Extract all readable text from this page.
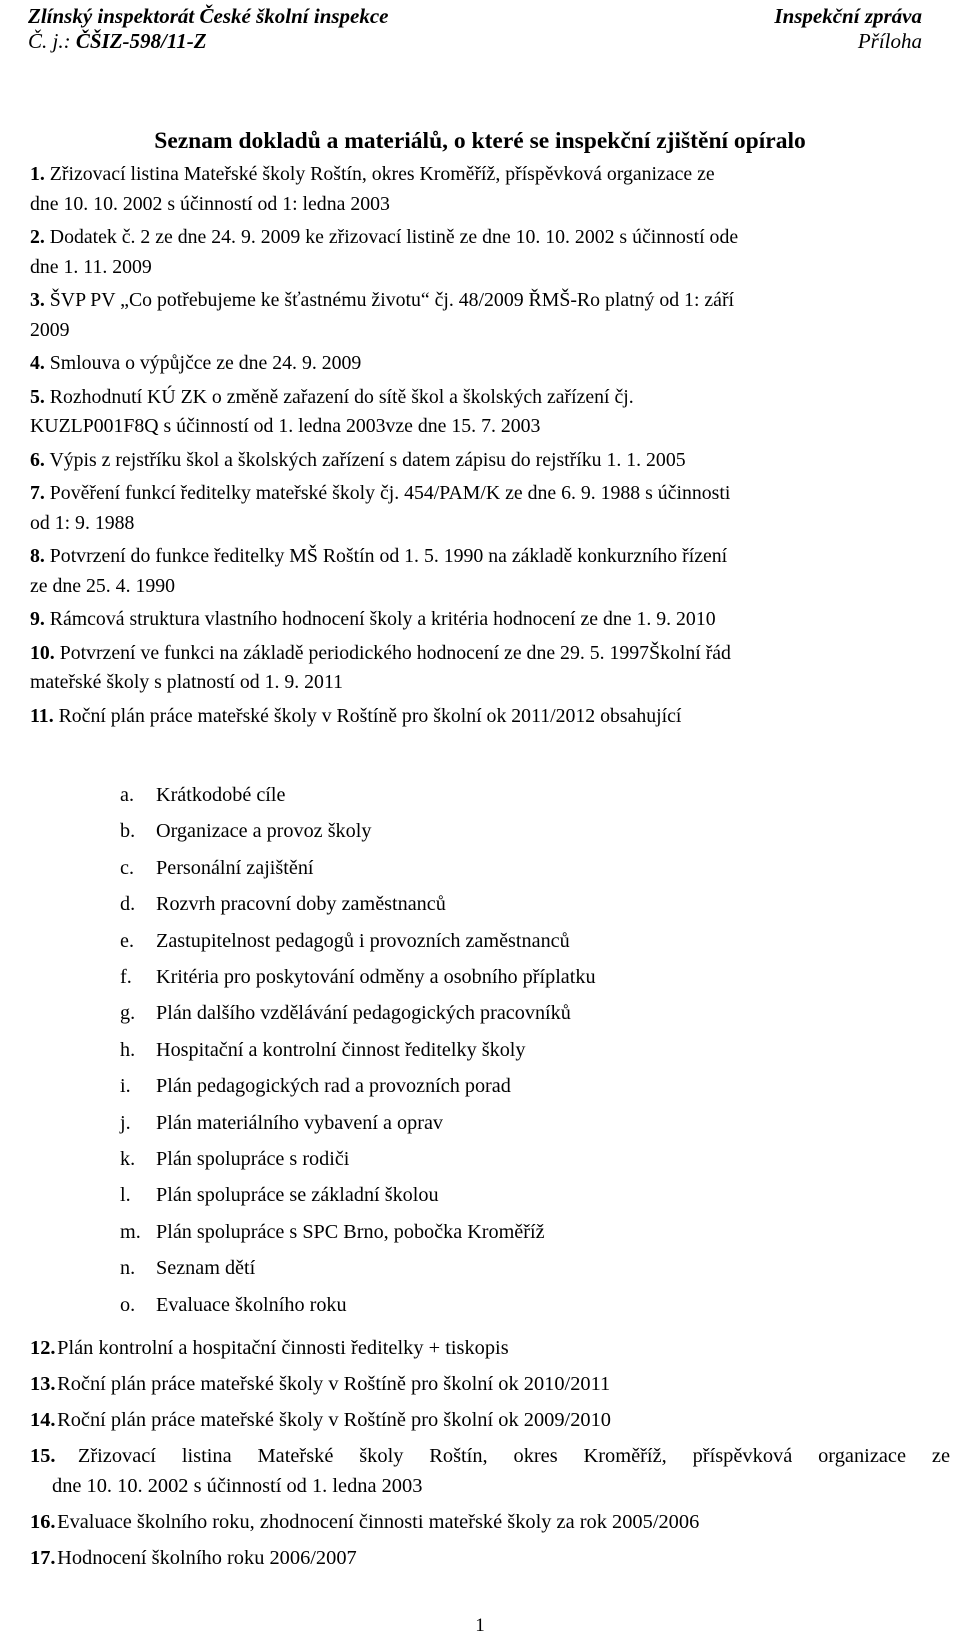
Zlínský inspektorát České školní inspekce	Inspekční zpráva
Č. j.: ČŠIZ-598/11-Z	Příloha
Seznam dokladů a materiálů, o které se inspekční zjištění opíralo
1. Zřizovací listina Mateřské školy Roštín, okres Kroměříž, příspěvková organizace ze
dne 10. 10. 2002 s účinností od 1: ledna 2003
2. Dodatek č. 2 ze dne 24. 9. 2009 ke zřizovací listině ze dne 10. 10. 2002 s účinností ode
dne 1. 11. 2009
3. ŠVP PV „Co potřebujeme ke šťastnému životu“ čj. 48/2009 ŘMŠ-Ro platný od 1: září
2009
4. Smlouva o výpůjčce ze dne 24. 9. 2009
5. Rozhodnutí KÚ ZK o změně zařazení do sítě škol a školských zařízení čj.
KUZLP001F8Q s účinností od 1. ledna 2003vze dne 15. 7. 2003
6. Výpis z rejstříku škol a školských zařízení s datem zápisu do rejstříku 1. 1. 2005
7. Pověření funkcí ředitelky mateřské školy čj. 454/PAM/K ze dne 6. 9. 1988 s účinnosti
od 1: 9. 1988
8. Potvrzení do funkce ředitelky MŠ Roštín od 1. 5. 1990 na základě konkurzního řízení
ze dne 25. 4. 1990
9. Rámcová struktura vlastního hodnocení školy a kritéria hodnocení ze dne 1. 9. 2010
10. Potvrzení ve funkci na základě periodického hodnocení ze dne 29. 5. 1997Školní řád
mateřské školy s platností od 1. 9. 2011
11. Roční plán práce mateřské školy v Roštíně pro školní ok 2011/2012 obsahující
a.	Krátkodobé cíle
b.	Organizace a provoz školy
c.	Personální zajištění
d.	Rozvrh pracovní doby zaměstnanců
e.	Zastupitelnost pedagogů i provozních zaměstnanců
f.	Kritéria pro poskytování odměny a osobního příplatku
g.	Plán dalšího vzdělávání pedagogických pracovníků
h.	Hospitační a kontrolní činnost ředitelky školy
i.	Plán pedagogických rad a provozních porad
j.	Plán materiálního vybavení a oprav
k.	Plán spolupráce s rodiči
l.	Plán spolupráce se základní školou
m. Plán spolupráce s SPC Brno, pobočka Kroměříž
n.	Seznam dětí
o.	Evaluace školního roku
12. Plán kontrolní a hospitační činnosti ředitelky + tiskopis
13. Roční plán práce mateřské školy v Roštíně pro školní ok 2010/2011
14. Roční plán práce mateřské školy v Roštíně pro školní ok 2009/2010
15. Zřizovací listina Mateřské školy Roštín, okres Kroměříž, příspěvková organizace ze
dne 10. 10. 2002 s účinností od 1. ledna 2003
16. Evaluace školního roku, zhodnocení činnosti mateřské školy za rok 2005/2006
17. Hodnocení školního roku 2006/2007
1
